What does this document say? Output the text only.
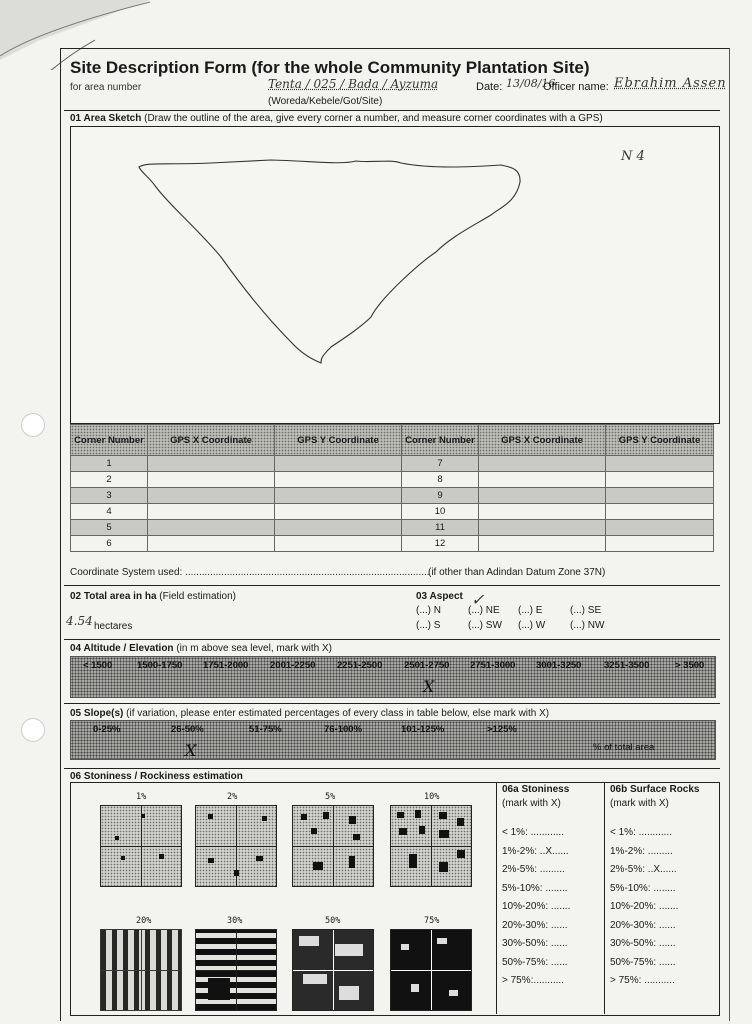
Site Description Form (for the whole Community Plantation Site)
for area number	Tenta / 025 / Bada / Ayzuma
(Woreda/Kebele/Got/Site)
Date: 13/08/16
Officer name: Ebrahim Assen
01 Area Sketch (Draw the outline of the area, give every corner a number, and measure corner coordinates with a GPS)
N 4
Corner Number	GPS X Coordinate	GPS Y Coordinate	Corner Number	GPS X Coordinate	GPS Y Coordinate
1			7		
2			8		
3			9		
4			10		
5			11		
6			12		
Coordinate System used: ........................................................................................
(if other than Adindan Datum Zone 37N)
02 Total area in ha (Field estimation)
4.54 hectares
03 Aspect
(...) N	(...) NE (...) E	(...) SE
(...) S	(...) SW (...) W (...) NW
✓
04 Altitude / Elevation (in m above sea level, mark with X)
< 1500	1500-1750 1751-2000 2001-2250 2251-2500 2501-2750 2751-3000 3001-3250 3251-3500	> 3500
X
05 Slope(s) (if variation, please enter estimated percentages of every class in table below, else mark with X)
0-25%	26-50%	51-75%	76-100%	101-125%	>125%
% of total area
X
06 Stoniness / Rockiness estimation
1%	2%	5%	10%
20%	30%	50%	75%
06a Stoniness
(mark with X)
06b Surface Rocks
(mark with X)
< 1%: ............
1%-2%: ..X......
2%-5%: .........
5%-10%: ........
10%-20%: .......
20%-30%: ......
30%-50%: ......
50%-75%: ......
> 75%:...........
< 1%: ............
1%-2%: .........
2%-5%: ..X......
5%-10%: ........
10%-20%: .......
20%-30%: ......
30%-50%: ......
50%-75%: ......
> 75%: ...........
